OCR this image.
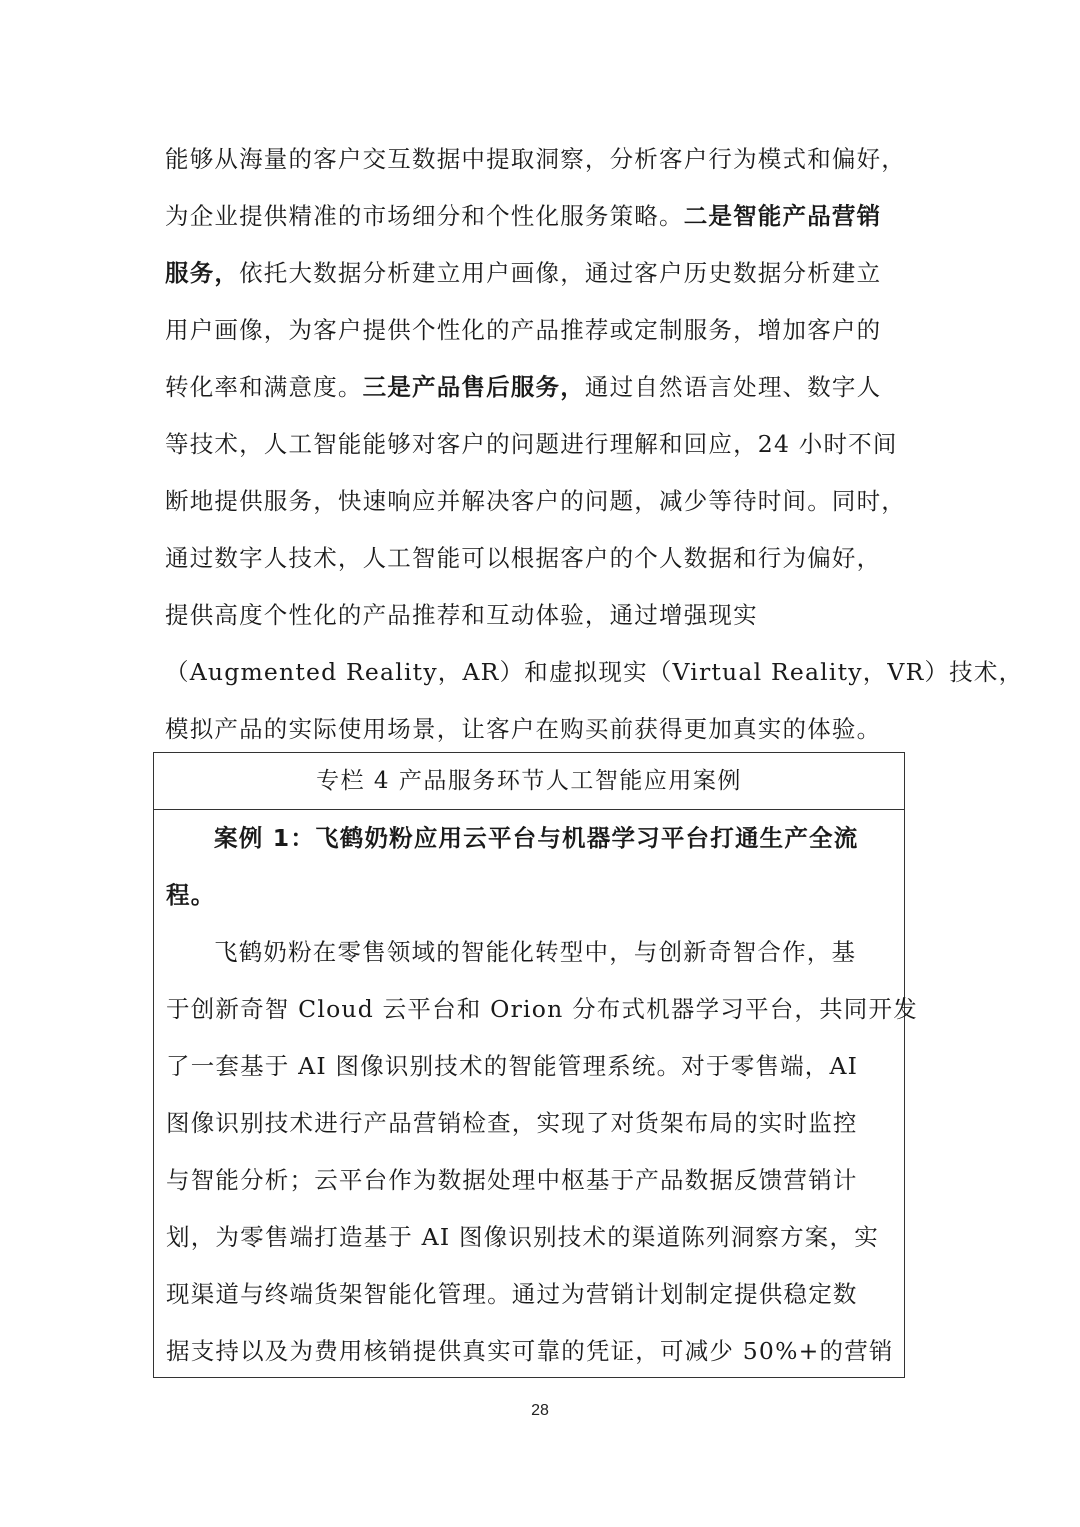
能够从海量的客户交互数据中提取洞察，分析客户行为模式和偏好，
为企业提供精准的市场细分和个性化服务策略。二是智能产品营销
服务，依托大数据分析建立用户画像，通过客户历史数据分析建立
用户画像，为客户提供个性化的产品推荐或定制服务，增加客户的
转化率和满意度。三是产品售后服务，通过自然语言处理、数字人
等技术，人工智能能够对客户的问题进行理解和回应，24 小时不间
断地提供服务，快速响应并解决客户的问题，减少等待时间。同时，
通过数字人技术，人工智能可以根据客户的个人数据和行为偏好，
提供高度个性化的产品推荐和互动体验，通过增强现实
（Augmented Reality，AR）和虚拟现实（Virtual Reality，VR）技术，
模拟产品的实际使用场景，让客户在购买前获得更加真实的体验。
专栏 4 产品服务环节人工智能应用案例
案例 1：飞鹤奶粉应用云平台与机器学习平台打通生产全流
程。
飞鹤奶粉在零售领域的智能化转型中，与创新奇智合作，基
于创新奇智 Cloud 云平台和 Orion 分布式机器学习平台，共同开发
了一套基于 AI 图像识别技术的智能管理系统。对于零售端，AI
图像识别技术进行产品营销检查，实现了对货架布局的实时监控
与智能分析；云平台作为数据处理中枢基于产品数据反馈营销计
划，为零售端打造基于 AI 图像识别技术的渠道陈列洞察方案，实
现渠道与终端货架智能化管理。通过为营销计划制定提供稳定数
据支持以及为费用核销提供真实可靠的凭证，可减少 50%+的营销
28
